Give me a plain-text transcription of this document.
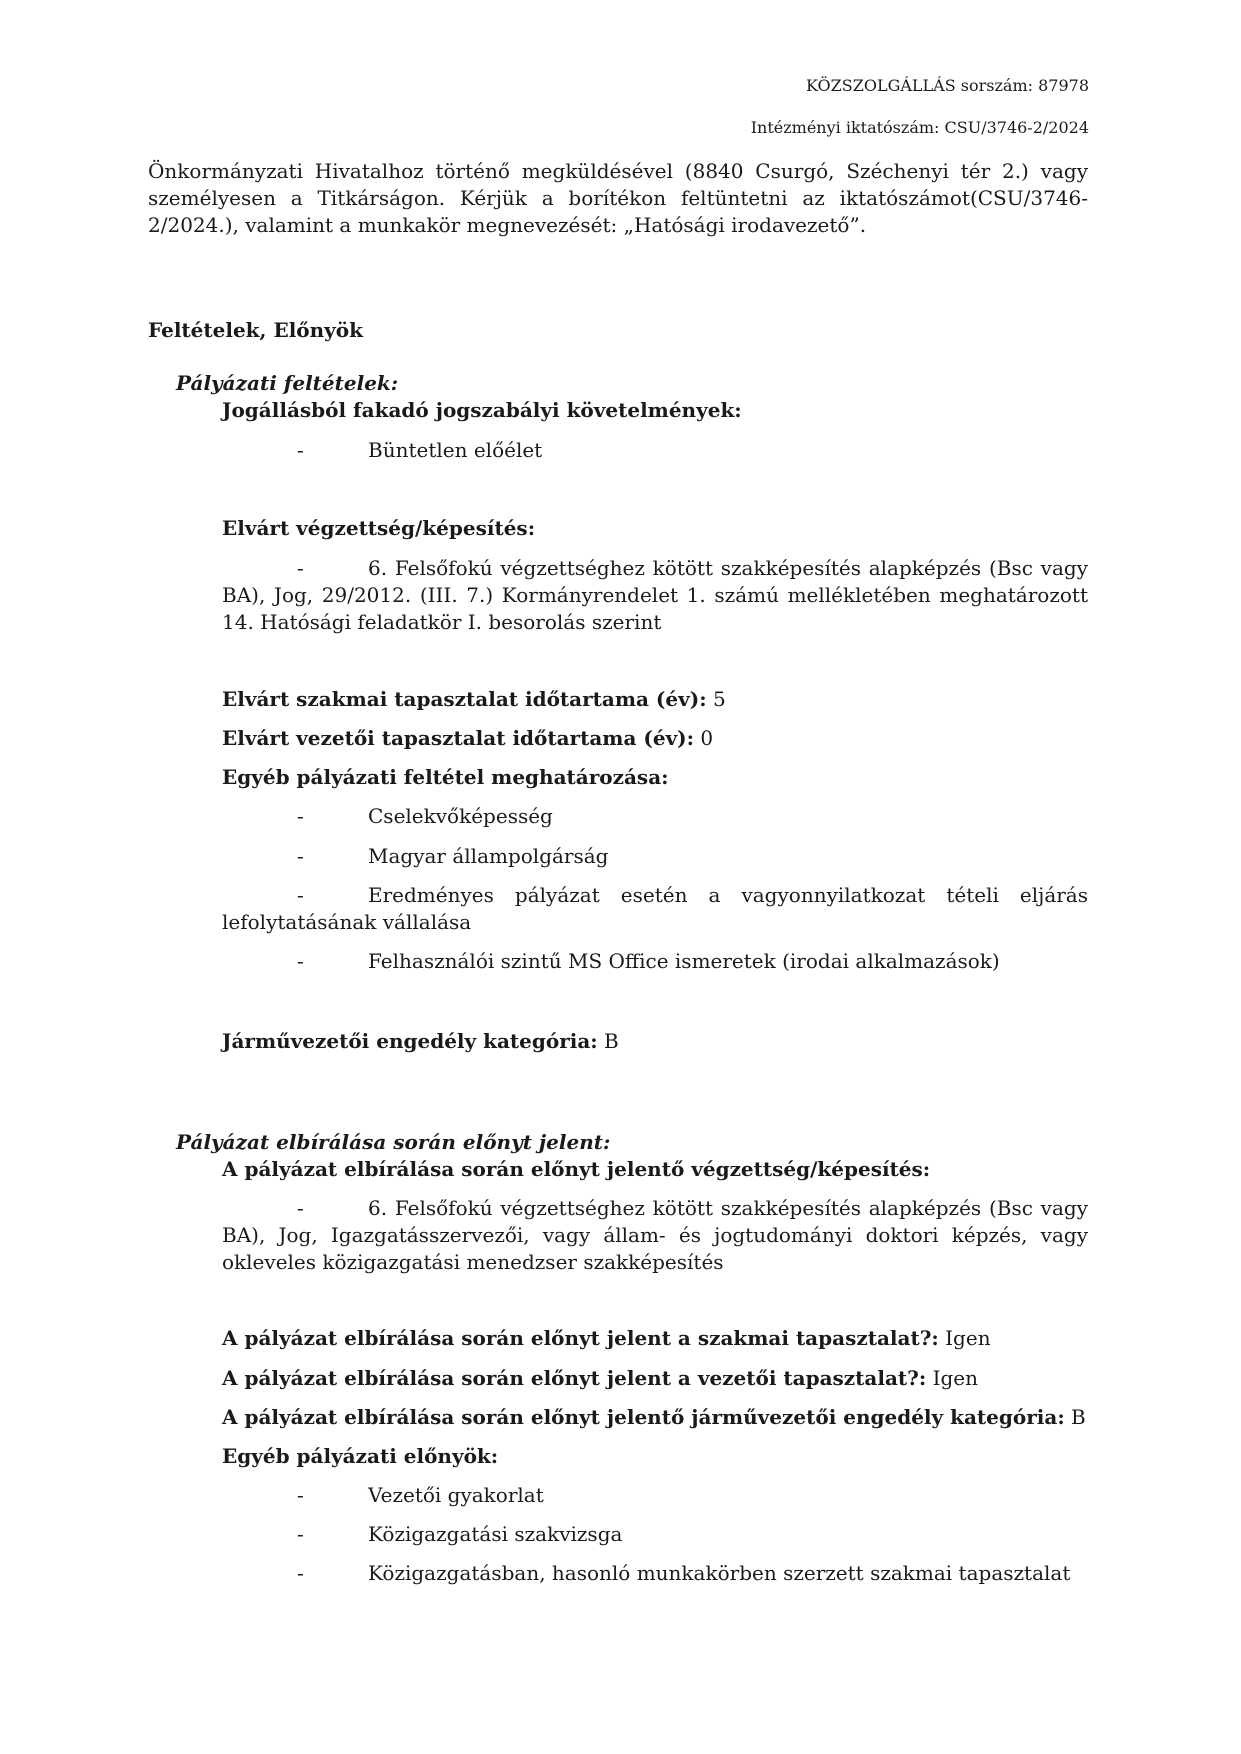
KÖZSZOLGÁLLÁS sorszám: 87978
Intézményi iktatószám: CSU/3746-2/2024
Önkormányzati Hivatalhoz történő megküldésével (8840 Csurgó, Széchenyi tér 2.) vagy személyesen a Titkárságon. Kérjük a borítékon feltüntetni az iktatószámot(CSU/3746-2/2024.), valamint a munkakör megnevezését: „Hatósági irodavezető”.
Feltételek, Előnyök
Pályázati feltételek:
Jogállásból fakadó jogszabályi követelmények:
-	Büntetlen előélet
Elvárt végzettség/képesítés:
-	6. Felsőfokú végzettséghez kötött szakképesítés alapképzés (Bsc vagy BA), Jog, 29/2012. (III. 7.) Kormányrendelet 1. számú mellékletében meghatározott 14. Hatósági feladatkör I. besorolás szerint
Elvárt szakmai tapasztalat időtartama (év): 5
Elvárt vezetői tapasztalat időtartama (év): 0
Egyéb pályázati feltétel meghatározása:
-	Cselekvőképesség
-	Magyar állampolgárság
-	Eredményes pályázat esetén a vagyonnyilatkozat tételi eljárás lefolytatásának vállalása
-	Felhasználói szintű MS Office ismeretek (irodai alkalmazások)
Járművezetői engedély kategória: B
Pályázat elbírálása során előnyt jelent:
A pályázat elbírálása során előnyt jelentő végzettség/képesítés:
-	6. Felsőfokú végzettséghez kötött szakképesítés alapképzés (Bsc vagy BA), Jog, Igazgatásszervezői, vagy állam- és jogtudományi doktori képzés, vagy okleveles közigazgatási menedzser szakképesítés
A pályázat elbírálása során előnyt jelent a szakmai tapasztalat?: Igen
A pályázat elbírálása során előnyt jelent a vezetői tapasztalat?: Igen
A pályázat elbírálása során előnyt jelentő járművezetői engedély kategória: B
Egyéb pályázati előnyök:
-	Vezetői gyakorlat
-	Közigazgatási szakvizsga
-	Közigazgatásban, hasonló munkakörben szerzett szakmai tapasztalat
